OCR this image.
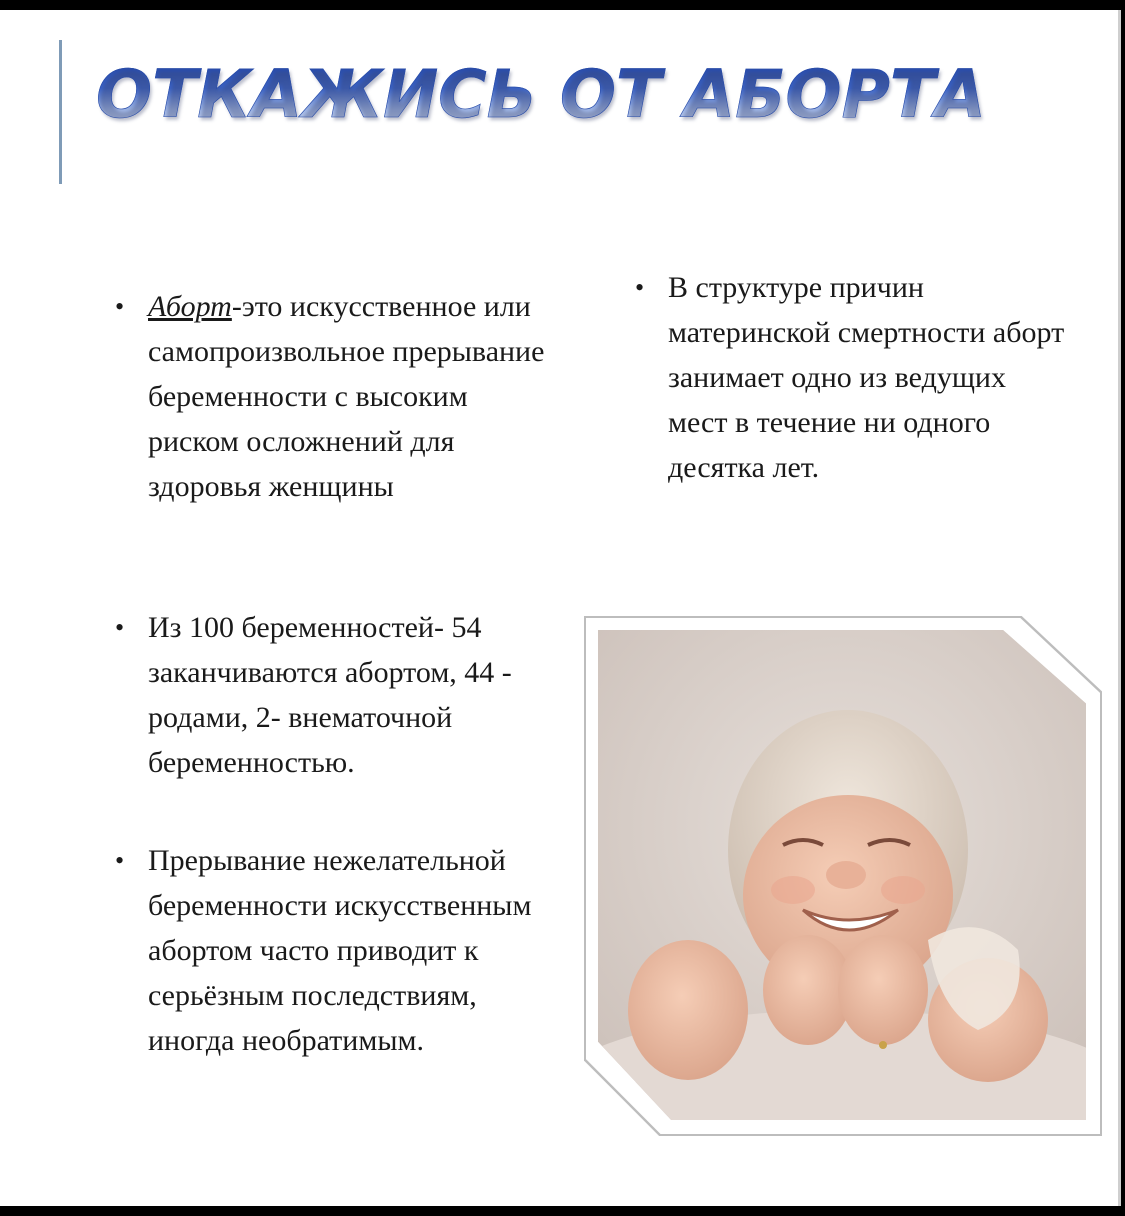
ОТКАЖИСЬ ОТ АБОРТА

• Аборт-это искусственное или самопроизвольное прерывание беременности с высоким риском осложнений для здоровья женщины

• В структуре причин материнской смертности аборт занимает одно из ведущих мест в течение ни одного десятка лет.

• Из 100 беременностей- 54 заканчиваются абортом, 44 - родами, 2- внематочной беременностью.

• Прерывание нежелательной беременности искусственным абортом часто приводит к серьёзным последствиям, иногда необратимым.
